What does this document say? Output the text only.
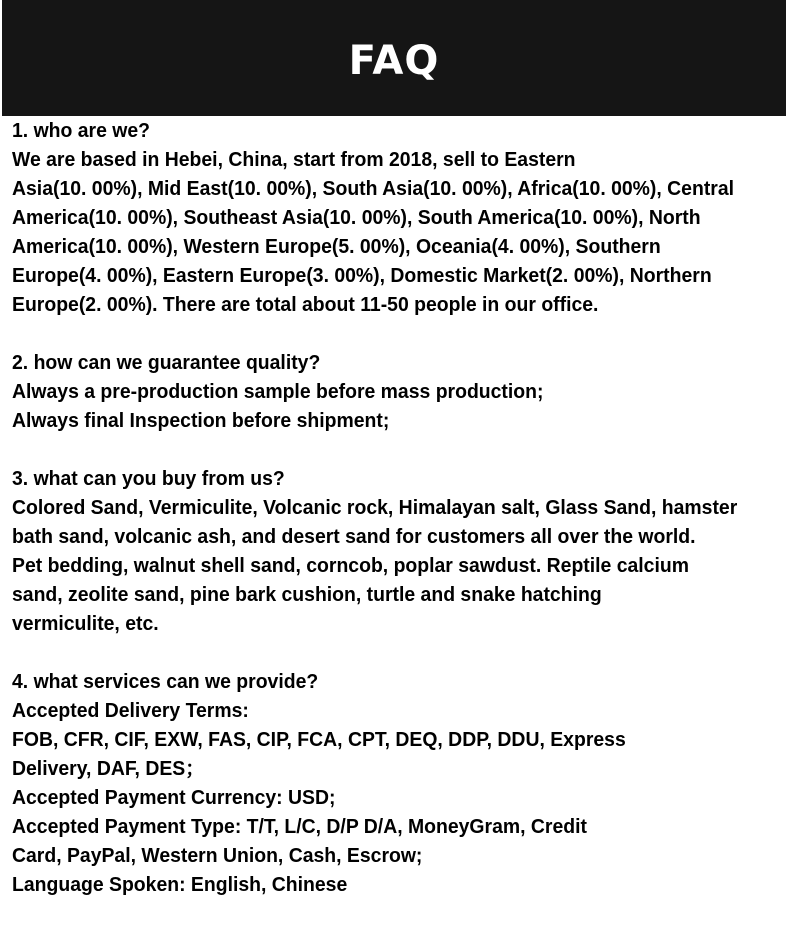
FAQ

1. who are we?

We are based in Hebei, China, start from 2018, sell to Eastern

Asia(10. 00%), Mid East(10. 00%), South Asia(10. 00%), Africa(10. 00%), Central

America(10. 00%), Southeast Asia(10. 00%), South America(10. 00%), North

America(10. 00%), Western Europe(5. 00%), Oceania(4. 00%), Southern

Europe(4. 00%), Eastern Europe(3. 00%), Domestic Market(2. 00%), Northern

Europe(2. 00%). There are total about 11-50 people in our office.

2. how can we guarantee quality?

Always a pre-production sample before mass production;

Always final Inspection before shipment;

3. what can you buy from us?

Colored Sand, Vermiculite, Volcanic rock, Himalayan salt, Glass Sand, hamster

bath sand, volcanic ash, and desert sand for customers all over the world.

Pet bedding, walnut shell sand, corncob, poplar sawdust. Reptile calcium

sand, zeolite sand, pine bark cushion, turtle and snake hatching

vermiculite, etc.

4. what services can we provide?

Accepted Delivery Terms:

FOB, CFR, CIF, EXW, FAS, CIP, FCA, CPT, DEQ, DDP, DDU, Express

Delivery, DAF, DES；

Accepted Payment Currency: USD;

Accepted Payment Type: T/T, L/C, D/P D/A, MoneyGram, Credit

Card, PayPal, Western Union, Cash, Escrow;

Language Spoken: English, Chinese
